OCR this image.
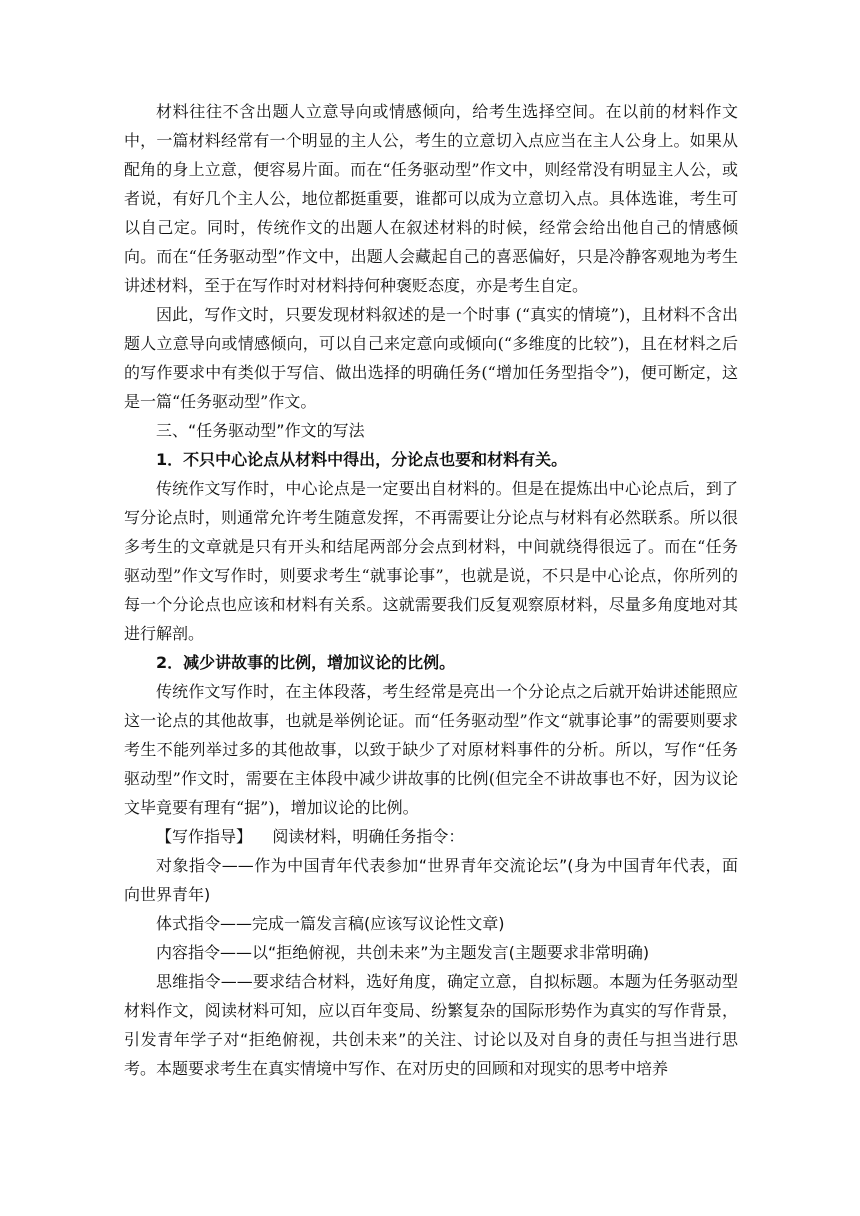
材料往往不含出题人立意导向或情感倾向，给考生选择空间。在以前的材料作文中，一篇材料经常有一个明显的主人公，考生的立意切入点应当在主人公身上。如果从配角的身上立意，便容易片面。而在“任务驱动型”作文中，则经常没有明显主人公，或者说，有好几个主人公，地位都挺重要，谁都可以成为立意切入点。具体选谁，考生可以自己定。同时，传统作文的出题人在叙述材料的时候，经常会给出他自己的情感倾向。而在“任务驱动型”作文中，出题人会藏起自己的喜恶偏好，只是冷静客观地为考生讲述材料，至于在写作时对材料持何种褒贬态度，亦是考生自定。

因此，写作文时，只要发现材料叙述的是一个时事 (“真实的情境”)，且材料不含出题人立意导向或情感倾向，可以自己来定意向或倾向(“多维度的比较”)，且在材料之后的写作要求中有类似于写信、做出选择的明确任务(“增加任务型指令”)，便可断定，这是一篇“任务驱动型”作文。

三、“任务驱动型”作文的写法

1．不只中心论点从材料中得出，分论点也要和材料有关。

传统作文写作时，中心论点是一定要出自材料的。但是在提炼出中心论点后，到了写分论点时，则通常允许考生随意发挥，不再需要让分论点与材料有必然联系。所以很多考生的文章就是只有开头和结尾两部分会点到材料，中间就绕得很远了。而在“任务驱动型”作文写作时，则要求考生“就事论事”，也就是说，不只是中心论点，你所列的每一个分论点也应该和材料有关系。这就需要我们反复观察原材料，尽量多角度地对其进行解剖。

2．减少讲故事的比例，增加议论的比例。

传统作文写作时，在主体段落，考生经常是亮出一个分论点之后就开始讲述能照应这一论点的其他故事，也就是举例论证。而“任务驱动型”作文“就事论事”的需要则要求考生不能列举过多的其他故事，以致于缺少了对原材料事件的分析。所以，写作“任务驱动型”作文时，需要在主体段中减少讲故事的比例(但完全不讲故事也不好，因为议论文毕竟要有理有“据”)，增加议论的比例。

【写作指导】 阅读材料，明确任务指令：

对象指令——作为中国青年代表参加“世界青年交流论坛”(身为中国青年代表，面向世界青年)

体式指令——完成一篇发言稿(应该写议论性文章)

内容指令——以“拒绝俯视，共创未来”为主题发言(主题要求非常明确)

思维指令——要求结合材料，选好角度，确定立意，自拟标题。本题为任务驱动型材料作文，阅读材料可知，应以百年变局、纷繁复杂的国际形势作为真实的写作背景，引发青年学子对“拒绝俯视，共创未来”的关注、讨论以及对自身的责任与担当进行思考。本题要求考生在真实情境中写作、在对历史的回顾和对现实的思考中培养
